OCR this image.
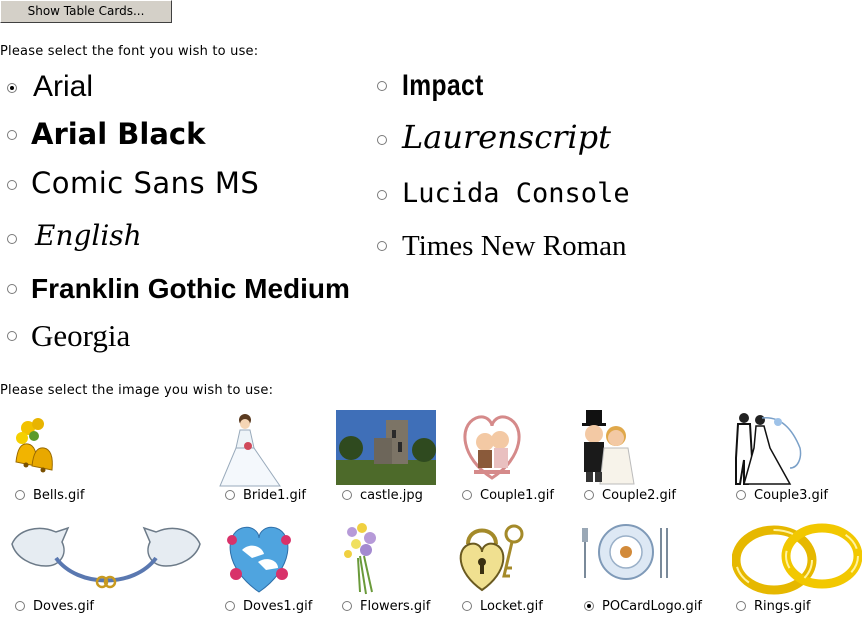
Show Table Cards...
Please select the font you wish to use:
Arial
Arial Black
Comic Sans MS
English
Franklin Gothic Medium
Georgia
Impact
Laurenscript
Lucida Console
Times New Roman
Please select the image you wish to use:
Bells.gif	Bride1.gif	castle.jpg	Couple1.gif	Couple2.gif	Couple3.gif
Doves.gif	Doves1.gif	Flowers.gif	Locket.gif	POCardLogo.gif	Rings.gif
